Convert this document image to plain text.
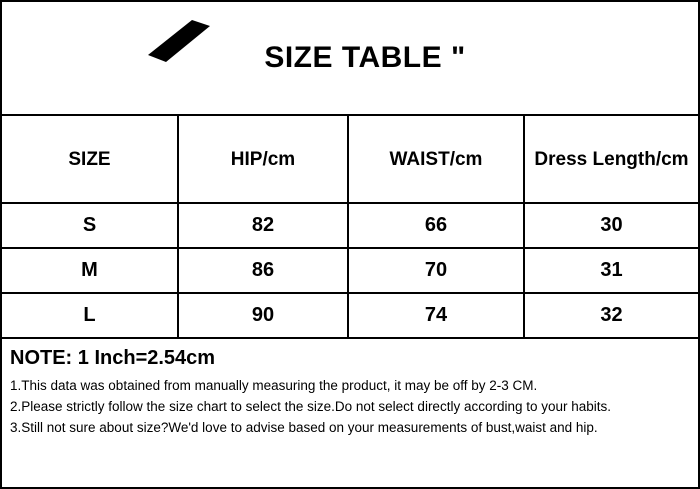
SIZE TABLE "
SIZE	HIP/cm	WAIST/cm	Dress Length/cm
S	82	66	30
M	86	70	31
L	90	74	32
NOTE: 1 Inch=2.54cm
1.This data was obtained from manually measuring the product, it may be off by 2-3 CM.
2.Please strictly follow the size chart to select the size.Do not select directly according to your habits.
3.Still not sure about size?We'd love to advise based on your measurements of bust,waist and hip.
